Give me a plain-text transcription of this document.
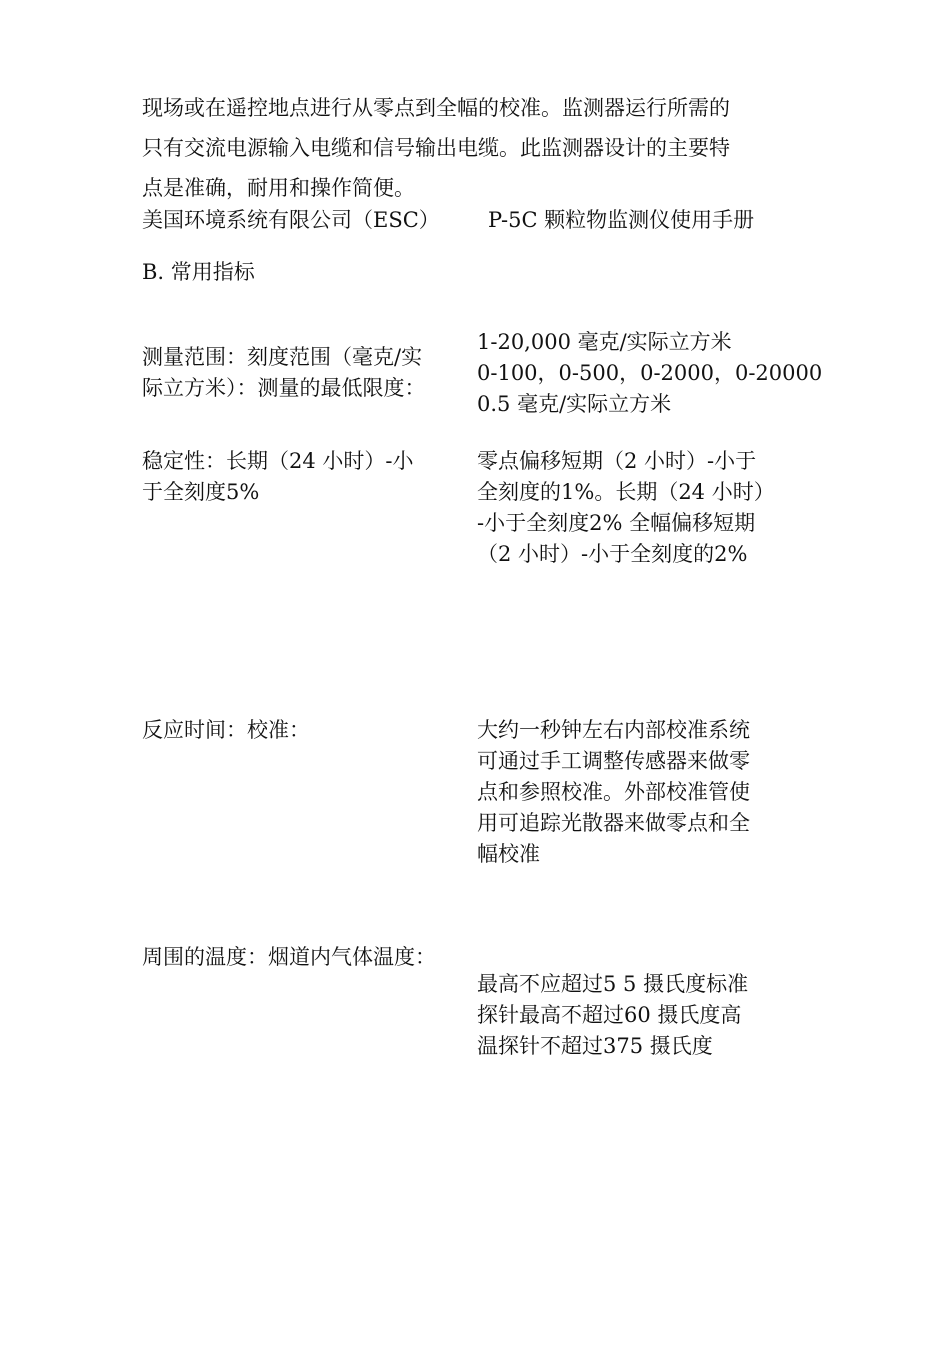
现场或在遥控地点进行从零点到全幅的校准。监测器运行所需的
只有交流电源输入电缆和信号输出电缆。此监测器设计的主要特
点是准确，耐用和操作简便。
美国环境系统有限公司（ESC） P-5C 颗粒物监测仪使用手册
B. 常用指标
测量范围：刻度范围（毫克/实
际立方米）：测量的最低限度：
1-20,000 毫克/实际立方米
0-100，0-500，0-2000，0-20000
0.5 毫克/实际立方米
稳定性：长期（24 小时）-小
于全刻度5%
零点偏移短期（2 小时）-小于
全刻度的1%。长期（24 小时）
-小于全刻度2% 全幅偏移短期
（2 小时）-小于全刻度的2%
反应时间：校准：	大约一秒钟左右内部校准系统
可通过手工调整传感器来做零
点和参照校准。外部校准管使
用可追踪光散器来做零点和全
幅校准
周围的温度：烟道内气体温度：
最高不应超过5 5 摄氏度标准
探针最高不超过60 摄氏度高
温探针不超过375 摄氏度
